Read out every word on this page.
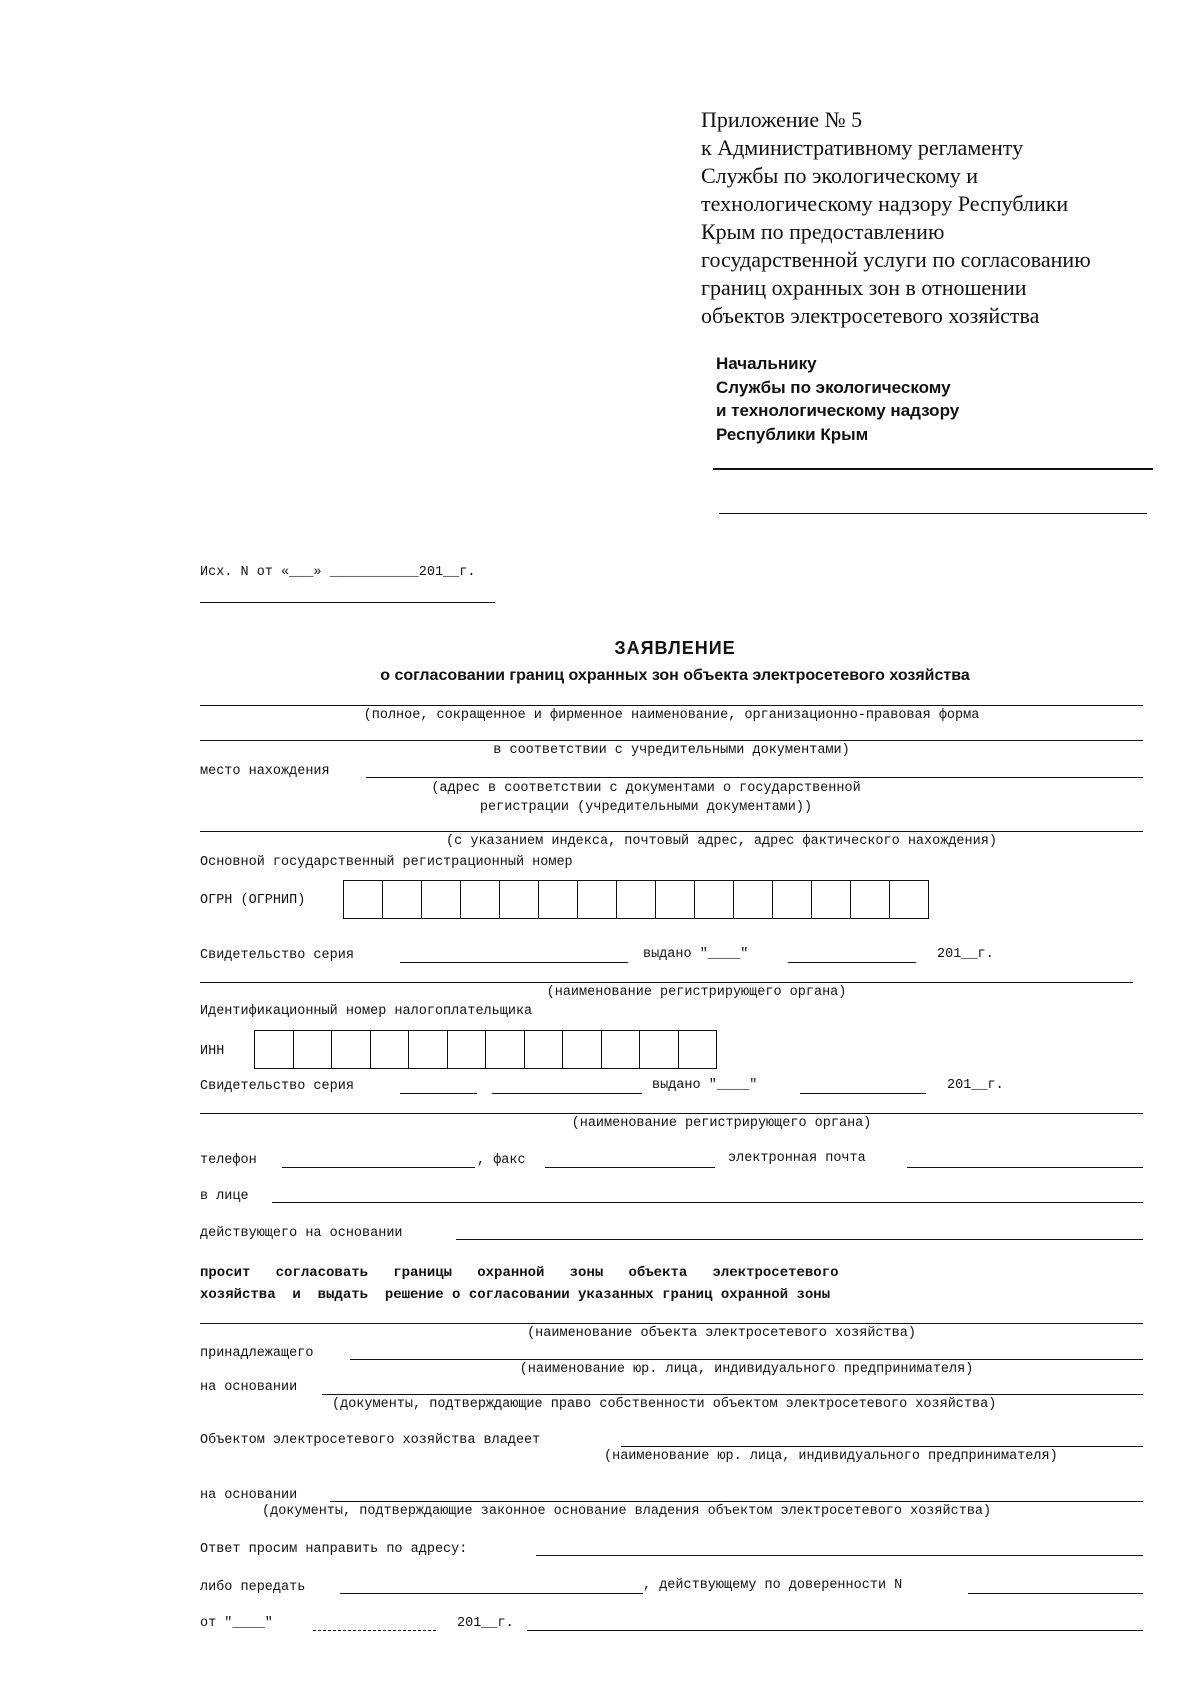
Приложение № 5
к Административному регламенту
Службы по экологическому и
технологическому надзору Республики
Крым по предоставлению
государственной услуги по согласованию
границ охранных зон в отношении
объектов электросетевого хозяйства
Начальнику
Службы по экологическому
и технологическому надзору
Республики Крым
Исх. N от «___» ___________201__г.
ЗАЯВЛЕНИЕ
о согласовании границ охранных зон объекта электросетевого хозяйства
(полное, сокращенное и фирменное наименование, организационно-правовая форма
в соответствии с учредительными документами)
место нахождения
(адрес в соответствии с документами о государственной
регистрации (учредительными документами))
(с указанием индекса, почтовый адрес, адрес фактического нахождения)
Основной государственный регистрационный номер
ОГРН (ОГРНИП)
Свидетельство серия	выдано "____"	201__г.
(наименование регистрирующего органа)
Идентификационный номер налогоплательщика
ИНН
Свидетельство серия	выдано "____"	201__г.
(наименование регистрирующего органа)
телефон	, факс	электронная почта
в лице
действующего на основании
просит   согласовать   границы   охранной   зоны   объекта   электросетевого
хозяйства  и  выдать  решение о согласовании указанных границ охранной зоны
(наименование объекта электросетевого хозяйства)
принадлежащего
(наименование юр. лица, индивидуального предпринимателя)
на основании
(документы, подтверждающие право собственности объектом электросетевого хозяйства)
Объектом электросетевого хозяйства владеет
(наименование юр. лица, индивидуального предпринимателя)
на основании
(документы, подтверждающие законное основание владения объектом электросетевого хозяйства)
Ответ просим направить по адресу:
либо передать	, действующему по доверенности N
от "____"	201__г.
